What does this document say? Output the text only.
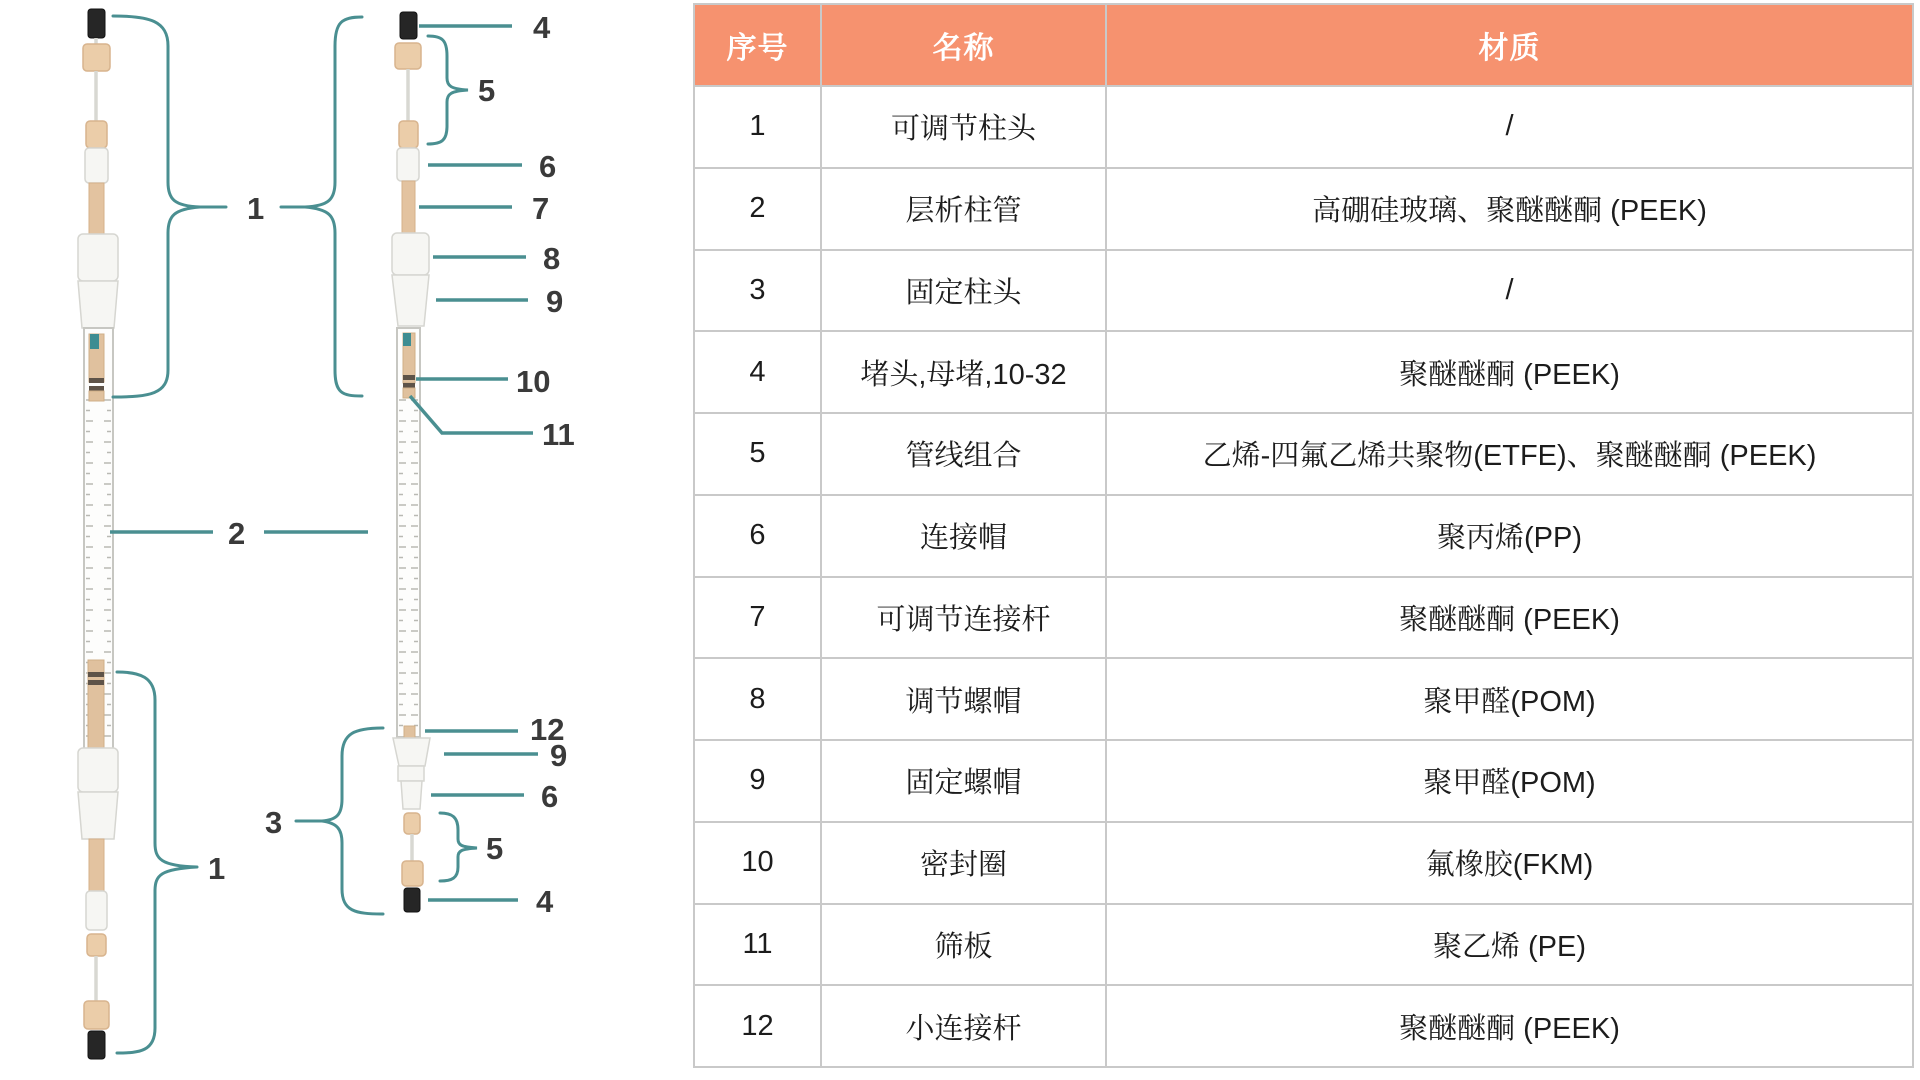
1
2
1
3
4
5
6
7
8
9
10
11
12
9
6
5
4
序号	名称	材质
1	可调节柱头	/
2	层析柱管	高硼硅玻璃、聚醚醚酮 (PEEK)
3	固定柱头	/
4	堵头,母堵,10-32	聚醚醚酮 (PEEK)
5	管线组合	乙烯-四氟乙烯共聚物(ETFE)、聚醚醚酮 (PEEK)
6	连接帽	聚丙烯(PP)
7	可调节连接杆	聚醚醚酮 (PEEK)
8	调节螺帽	聚甲醛(POM)
9	固定螺帽	聚甲醛(POM)
10	密封圈	氟橡胶(FKM)
11	筛板	聚乙烯 (PE)
12	小连接杆	聚醚醚酮 (PEEK)
